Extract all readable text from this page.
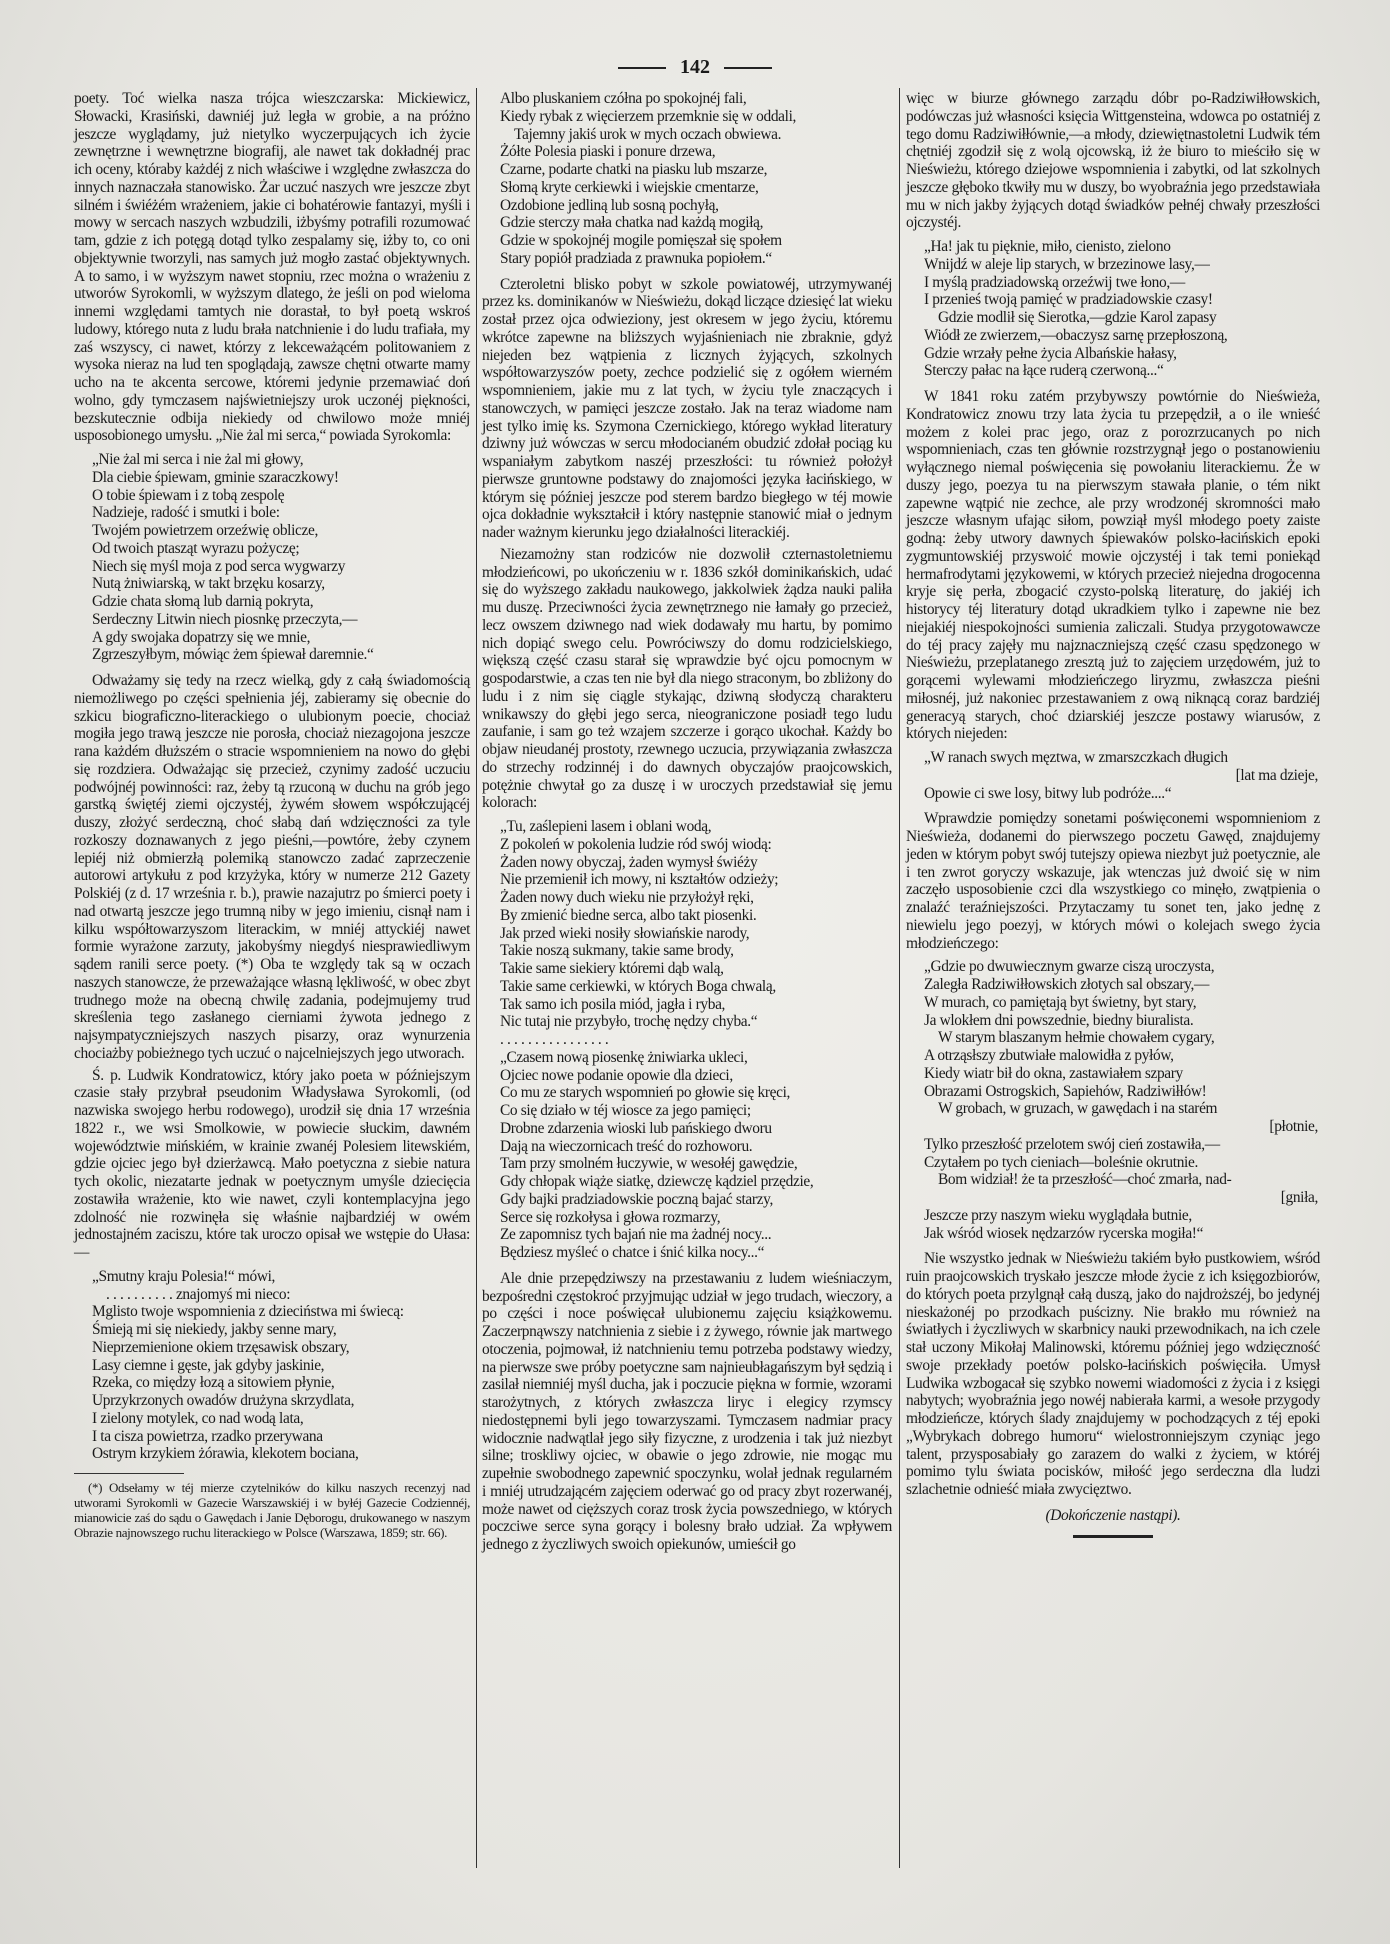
142

poety. Toć wielka nasza trójca wieszczarska: Mickiewicz, Słowacki, Krasiński, dawniéj już legła w grobie, a na próżno jeszcze wyglądamy, już nietylko wyczerpujących ich życie zewnętrzne i wewnętrzne biografij, ale nawet tak dokładnéj prac ich oceny, któraby każdéj z nich właściwe i względne zwłaszcza do innych naznaczała stanowisko. Żar uczuć naszych wre jeszcze zbyt silném i świéżém wrażeniem, jakie ci bohatérowie fantazyi, myśli i mowy w sercach naszych wzbudzili, iżbyśmy potrafili rozumować tam, gdzie z ich potęgą dotąd tylko zespalamy się, iżby to, co oni objektywnie tworzyli, nas samych już mogło zastać objektywnych. A to samo, i w wyższym nawet stopniu, rzec można o wrażeniu z utworów Syrokomli, w wyższym dlatego, że jeśli on pod wieloma innemi względami tamtych nie dorastał, to był poetą wskroś ludowy, którego nuta z ludu brała natchnienie i do ludu trafiała, my zaś wszyscy, ci nawet, którzy z lekceważącém politowaniem z wysoka nieraz na lud ten spoglądają, zawsze chętni otwarte mamy ucho na te akcenta sercowe, któremi jedynie przemawiać doń wolno, gdy tymczasem najświetniejszy urok uczonéj piękności, bezskutecznie odbija niekiedy od chwilowo może mniéj usposobionego umysłu. „Nie żal mi serca,“ powiada Syrokomla:

„Nie żal mi serca i nie żal mi głowy,
Dla ciebie śpiewam, gminie szaraczkowy!
O tobie śpiewam i z tobą zespolę
Nadzieje, radość i smutki i bole:
Twojém powietrzem orzeźwię oblicze,
Od twoich ptasząt wyrazu pożyczę;
Niech się myśl moja z pod serca wygwarzy
Nutą żniwiarską, w takt brzęku kosarzy,
Gdzie chata słomą lub darnią pokryta,
Serdeczny Litwin niech piosnkę przeczyta,—
A gdy swojaka dopatrzy się we mnie,
Zgrzeszyłbym, mówiąc żem śpiewał daremnie.“

Odważamy się tedy na rzecz wielką, gdy z całą świadomością niemożliwego po części spełnienia jéj, zabieramy się obecnie do szkicu biograficzno-literackiego o ulubionym poecie, chociaż mogiła jego trawą jeszcze nie porosła, chociaż niezagojona jeszcze rana każdém dłuższém o stracie wspomnieniem na nowo do głębi się rozdziera. Odważając się przecież, czynimy zadość uczuciu podwójnéj powinności: raz, żeby tą rzuconą w duchu na grób jego garstką świętéj ziemi ojczystéj, żywém słowem współczującéj duszy, złożyć serdeczną, choć słabą dań wdzięczności za tyle rozkoszy doznawanych z jego pieśni,—powtóre, żeby czynem lepiéj niż obmierzłą polemiką stanowczo zadać zaprzeczenie autorowi artykułu z pod krzyżyka, który w numerze 212 Gazety Polskiéj (z d. 17 września r. b.), prawie nazajutrz po śmierci poety i nad otwartą jeszcze jego trumną niby w jego imieniu, cisnął nam i kilku współtowarzyszom literackim, w mniéj attyckiéj nawet formie wyrażone zarzuty, jakobyśmy niegdyś niesprawiedliwym sądem ranili serce poety. (*) Oba te względy tak są w oczach naszych stanowcze, że przeważające własną lękliwość, w obec zbyt trudnego może na obecną chwilę zadania, podejmujemy trud skreślenia tego zasłanego cierniami żywota jednego z najsympatyczniejszych naszych pisarzy, oraz wynurzenia chociażby pobieżnego tych uczuć o najcelniejszych jego utworach.

Ś. p. Ludwik Kondratowicz, który jako poeta w późniejszym czasie stały przybrał pseudonim Władysława Syrokomli, (od nazwiska swojego herbu rodowego), urodził się dnia 17 września 1822 r., we wsi Smolkowie, w powiecie słuckim, dawném województwie mińskiém, w krainie zwanéj Polesiem litewskiém, gdzie ojciec jego był dzierżawcą. Mało poetyczna z siebie natura tych okolic, niezatarte jednak w poetycznym umyśle dziecięcia zostawiła wrażenie, kto wie nawet, czyli kontemplacyjna jego zdolność nie rozwinęła się właśnie najbardziéj w owém jednostajném zaciszu, które tak uroczo opisał we wstępie do Ułasa:—

„Smutny kraju Polesia!“ mówi,
. . . . . . . . . . znajomyś mi nieco:
Mglisto twoje wspomnienia z dzieciństwa mi świecą:
Śmieją mi się niekiedy, jakby senne mary,
Nieprzemienione okiem trzęsawisk obszary,
Lasy ciemne i gęste, jak gdyby jaskinie,
Rzeka, co między łozą a sitowiem płynie,
Uprzykrzonych owadów drużyna skrzydlata,
I zielony motylek, co nad wodą lata,
I ta cisza powietrza, rzadko przerywana
Ostrym krzykiem żórawia, klekotem bociana,
(*) Odsełamy w téj mierze czytelników do kilku naszych recenzyj nad utworami Syrokomli w Gazecie Warszawskiéj i w byłéj Gazecie Codziennéj, mianowicie zaś do sądu o Gawędach i Janie Dęborogu, drukowanego w naszym Obrazie najnowszego ruchu literackiego w Polsce (Warszawa, 1859; str. 66).
Albo pluskaniem czółna po spokojnéj fali,
Kiedy rybak z więcierzem przemknie się w oddali,
Tajemny jakiś urok w mych oczach obwiewa.
Żółte Polesia piaski i ponure drzewa,
Czarne, podarte chatki na piasku lub mszarze,
Słomą kryte cerkiewki i wiejskie cmentarze,
Ozdobione jedliną lub sosną pochyłą,
Gdzie sterczy mała chatka nad każdą mogiłą,
Gdzie w spokojnéj mogile pomięszał się społem
Stary popiół pradziada z prawnuka popiołem.“

Czteroletni blisko pobyt w szkole powiatowéj, utrzymywanéj przez ks. dominikanów w Nieświeżu, dokąd liczące dziesięć lat wieku został przez ojca odwieziony, jest okresem w jego życiu, któremu wkrótce zapewne na bliższych wyjaśnieniach nie zbraknie, gdyż niejeden bez wątpienia z licznych żyjących, szkolnych współtowarzyszów poety, zechce podzielić się z ogółem wierném wspomnieniem, jakie mu z lat tych, w życiu tyle znaczących i stanowczych, w pamięci jeszcze zostało. Jak na teraz wiadome nam jest tylko imię ks. Szymona Czernickiego, którego wykład literatury dziwny już wówczas w sercu młodocianém obudzić zdołał pociąg ku wspaniałym zabytkom naszéj przeszłości: tu również położył pierwsze gruntowne podstawy do znajomości języka łacińskiego, w którym się później jeszcze pod sterem bardzo biegłego w téj mowie ojca dokładnie wykształcił i który następnie stanowić miał o jednym nader ważnym kierunku jego działalności literackiéj.

Niezamożny stan rodziców nie dozwolił czternastoletniemu młodzieńcowi, po ukończeniu w r. 1836 szkół dominikańskich, udać się do wyższego zakładu naukowego, jakkolwiek żądza nauki paliła mu duszę. Przeciwności życia zewnętrznego nie łamały go przecież, lecz owszem dziwnego nad wiek dodawały mu hartu, by pomimo nich dopiąć swego celu. Powróciwszy do domu rodzicielskiego, większą część czasu starał się wprawdzie być ojcu pomocnym w gospodarstwie, a czas ten nie był dla niego straconym, bo zbliżony do ludu i z nim się ciągle stykając, dziwną słodyczą charakteru wnikawszy do głębi jego serca, nieograniczone posiadł tego ludu zaufanie, i sam go też wzajem szczerze i gorąco ukochał. Każdy bo objaw nieudanéj prostoty, rzewnego uczucia, przywiązania zwłaszcza do strzechy rodzinnéj i do dawnych obyczajów praojcowskich, potężnie chwytał go za duszę i w uroczych przedstawiał się jemu kolorach:

„Tu, zaślepieni lasem i oblani wodą,
Z pokoleń w pokolenia ludzie ród swój wiodą:
Żaden nowy obyczaj, żaden wymysł świéży
Nie przemienił ich mowy, ni kształtów odzieży;
Żaden nowy duch wieku nie przyłożył ręki,
By zmienić biedne serca, albo takt piosenki.
Jak przed wieki nosiły słowiańskie narody,
Takie noszą sukmany, takie same brody,
Takie same siekiery któremi dąb walą,
Takie same cerkiewki, w których Boga chwalą,
Tak samo ich posila miód, jagła i ryba,
Nic tutaj nie przybyło, trochę nędzy chyba.“
. . . . . . . . . . . . . . . .
„Czasem nową piosenkę żniwiarka ukleci,
Ojciec nowe podanie opowie dla dzieci,
Co mu ze starych wspomnień po głowie się kręci,
Co się działo w téj wiosce za jego pamięci;
Drobne zdarzenia wioski lub pańskiego dworu
Dają na wieczornicach treść do rozhoworu.
Tam przy smolném łuczywie, w wesołéj gawędzie,
Gdy chłopak wiąże siatkę, dziewczę kądziel przędzie,
Gdy bajki pradziadowskie poczną bajać starzy,
Serce się rozkołysa i głowa rozmarzy,
Ze zapomnisz tych bajań nie ma żadnéj nocy...
Będziesz myśleć o chatce i śnić kilka nocy...“

Ale dnie przepędziwszy na przestawaniu z ludem wieśniaczym, bezpośredni częstokroć przyjmując udział w jego trudach, wieczory, a po części i noce poświęcał ulubionemu zajęciu książkowemu. Zaczerpnąwszy natchnienia z siebie i z żywego, równie jak martwego otoczenia, pojmował, iż natchnieniu temu potrzeba podstawy wiedzy, na pierwsze swe próby poetyczne sam najnieubłagańszym był sędzią i zasilał niemniéj myśl ducha, jak i poczucie piękna w formie, wzorami starożytnych, z których zwłaszcza liryc i elegicy rzymscy niedostępnemi byli jego towarzyszami. Tymczasem nadmiar pracy widocznie nadwątlał jego siły fizyczne, z urodzenia i tak już niezbyt silne; troskliwy ojciec, w obawie o jego zdrowie, nie mogąc mu zupełnie swobodnego zapewnić spoczynku, wolał jednak regularném i mniéj utrudzającém zajęciem oderwać go od pracy zbyt rozerwanéj, może nawet od cięższych coraz trosk życia powszedniego, w których poczciwe serce syna gorący i bolesny brało udział. Za wpływem jednego z życzliwych swoich opiekunów, umieścił go

więc w biurze głównego zarządu dóbr po-Radziwiłłowskich, podówczas już własności księcia Wittgensteina, wdowca po ostatniéj z tego domu Radziwiłłównie,—a młody, dziewiętnastoletni Ludwik tém chętniéj zgodził się z wolą ojcowską, iż że biuro to mieściło się w Nieświeżu, którego dziejowe wspomnienia i zabytki, od lat szkolnych jeszcze głęboko tkwiły mu w duszy, bo wyobraźnia jego przedstawiała mu w nich jakby żyjących dotąd świadków pełnéj chwały przeszłości ojczystéj.

„Ha! jak tu pięknie, miło, cienisto, zielono
Wnijdź w aleje lip starych, w brzezinowe lasy,—
I myślą pradziadowską orzeźwij twe łono,—
I przenieś twoją pamięć w pradziadowskie czasy!
Gdzie modlił się Sierotka,—gdzie Karol zapasy
Wiódł ze zwierzem,—obaczysz sarnę przepłoszoną,
Gdzie wrzały pełne życia Albańskie hałasy,
Sterczy pałac na łące ruderą czerwoną...“

W 1841 roku zatém przybywszy powtórnie do Nieświeża, Kondratowicz znowu trzy lata życia tu przepędził, a o ile wnieść możem z kolei prac jego, oraz z porozrzucanych po nich wspomnieniach, czas ten głównie rozstrzygnął jego o postanowieniu wyłącznego niemal poświęcenia się powołaniu literackiemu. Że w duszy jego, poezya tu na pierwszym stawała planie, o tém nikt zapewne wątpić nie zechce, ale przy wrodzonéj skromności mało jeszcze własnym ufając siłom, powziął myśl młodego poety zaiste godną: żeby utwory dawnych śpiewaków polsko-łacińskich epoki zygmuntowskiéj przyswoić mowie ojczystéj i tak temi poniekąd hermafrodytami językowemi, w których przecież niejedna drogocenna kryje się perła, zbogacić czysto-polską literaturę, do jakiéj ich historycy téj literatury dotąd ukradkiem tylko i zapewne nie bez niejakiéj niespokojności sumienia zaliczali. Studya przygotowawcze do téj pracy zajęły mu najznaczniejszą część czasu spędzonego w Nieświeżu, przeplatanego zresztą już to zajęciem urzędowém, już to gorącemi wylewami młodzieńczego liryzmu, zwłaszcza pieśni miłosnéj, już nakoniec przestawaniem z ową niknącą coraz bardziéj generacyą starych, choć dziarskiéj jeszcze postawy wiarusów, z których niejeden:

„W ranach swych męztwa, w zmarszczkach długich
[lat ma dzieje,
Opowie ci swe losy, bitwy lub podróże....“

Wprawdzie pomiędzy sonetami poświęconemi wspomnieniom z Nieświeża, dodanemi do pierwszego poczetu Gawęd, znajdujemy jeden w którym pobyt swój tutejszy opiewa niezbyt już poetycznie, ale i ten zwrot goryczy wskazuje, jak wtenczas już dwoić się w nim zaczęło usposobienie czci dla wszystkiego co minęło, zwątpienia o znalaźć teraźniejszości. Przytaczamy tu sonet ten, jako jednę z niewielu jego poezyj, w których mówi o kolejach swego życia młodzieńczego:

„Gdzie po dwuwiecznym gwarze ciszą uroczysta,
Zaległa Radziwiłłowskich złotych sal obszary,—
W murach, co pamiętają byt świetny, byt stary,
Ja wlokłem dni powszednie, biedny biuralista.
W starym blaszanym hełmie chowałem cygary,
A otrząsłszy zbutwiałe malowidła z pyłów,
Kiedy wiatr bił do okna, zastawiałem szpary
Obrazami Ostrogskich, Sapiehów, Radziwiłłów!
W grobach, w gruzach, w gawędach i na starém
[płotnie,
Tylko przeszłość przelotem swój cień zostawiła,—
Czytałem po tych cieniach—boleśnie okrutnie.
Bom widział! że ta przeszłość—choć zmarła, nad-
[gniła,
Jeszcze przy naszym wieku wyglądała butnie,
Jak wśród wiosek nędzarzów rycerska mogiła!“

Nie wszystko jednak w Nieświeżu takiém było pustkowiem, wśród ruin praojcowskich tryskało jeszcze młode życie z ich księgozbiorów, do których poeta przylgnął całą duszą, jako do najdroższéj, bo jedynéj nieskażonéj po przodkach puścizny. Nie brakło mu również na światłych i życzliwych w skarbnicy nauki przewodnikach, na ich czele stał uczony Mikołaj Malinowski, któremu później jego wdzięczność swoje przekłady poetów polsko-łacińskich poświęciła. Umysł Ludwika wzbogacał się szybko nowemi wiadomości z życia i z księgi nabytych; wyobraźnia jego nowéj nabierała karmi, a wesołe przygody młodzieńcze, których ślady znajdujemy w pochodzących z téj epoki „Wybrykach dobrego humoru“ wielostronniejszym czyniąc jego talent, przysposabiały go zarazem do walki z życiem, w któréj pomimo tylu świata pocisków, miłość jego serdeczna dla ludzi szlachetnie odnieść miała zwycięztwo.

(Dokończenie nastąpi).
